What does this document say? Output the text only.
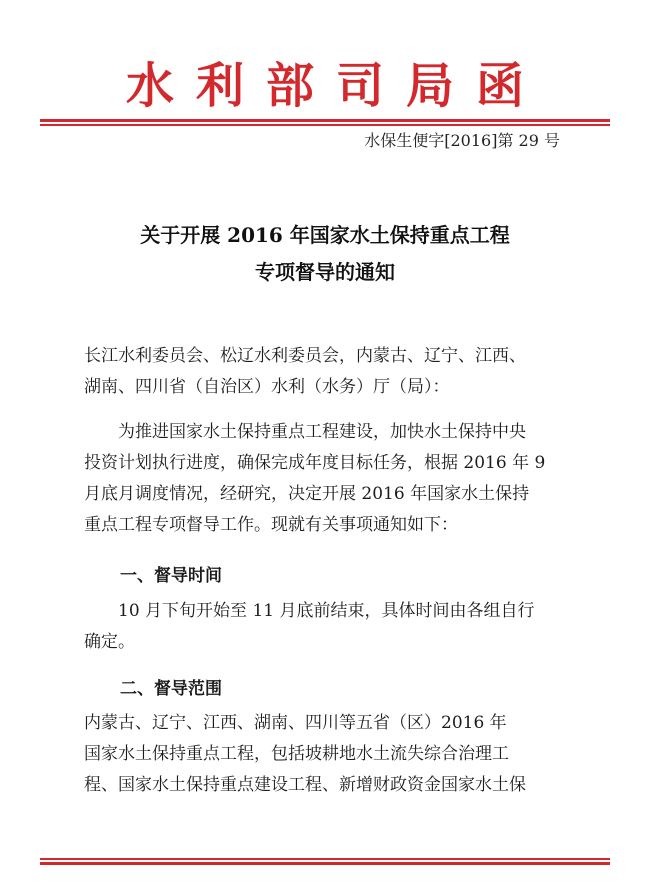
水利部司局函
水保生便字[2016]第 29 号
关于开展 2016 年国家水土保持重点工程
专项督导的通知

长江水利委员会、松辽水利委员会，内蒙古、辽宁、江西、

湖南、四川省（自治区）水利（水务）厅（局）：

为推进国家水土保持重点工程建设，加快水土保持中央

投资计划执行进度，确保完成年度目标任务，根据 2016 年 9

月底月调度情况，经研究，决定开展 2016 年国家水土保持

重点工程专项督导工作。现就有关事项通知如下：

一、督导时间

10 月下旬开始至 11 月底前结束，具体时间由各组自行

确定。

二、督导范围

内蒙古、辽宁、江西、湖南、四川等五省（区）2016 年

国家水土保持重点工程，包括坡耕地水土流失综合治理工

程、国家水土保持重点建设工程、新增财政资金国家水土保
